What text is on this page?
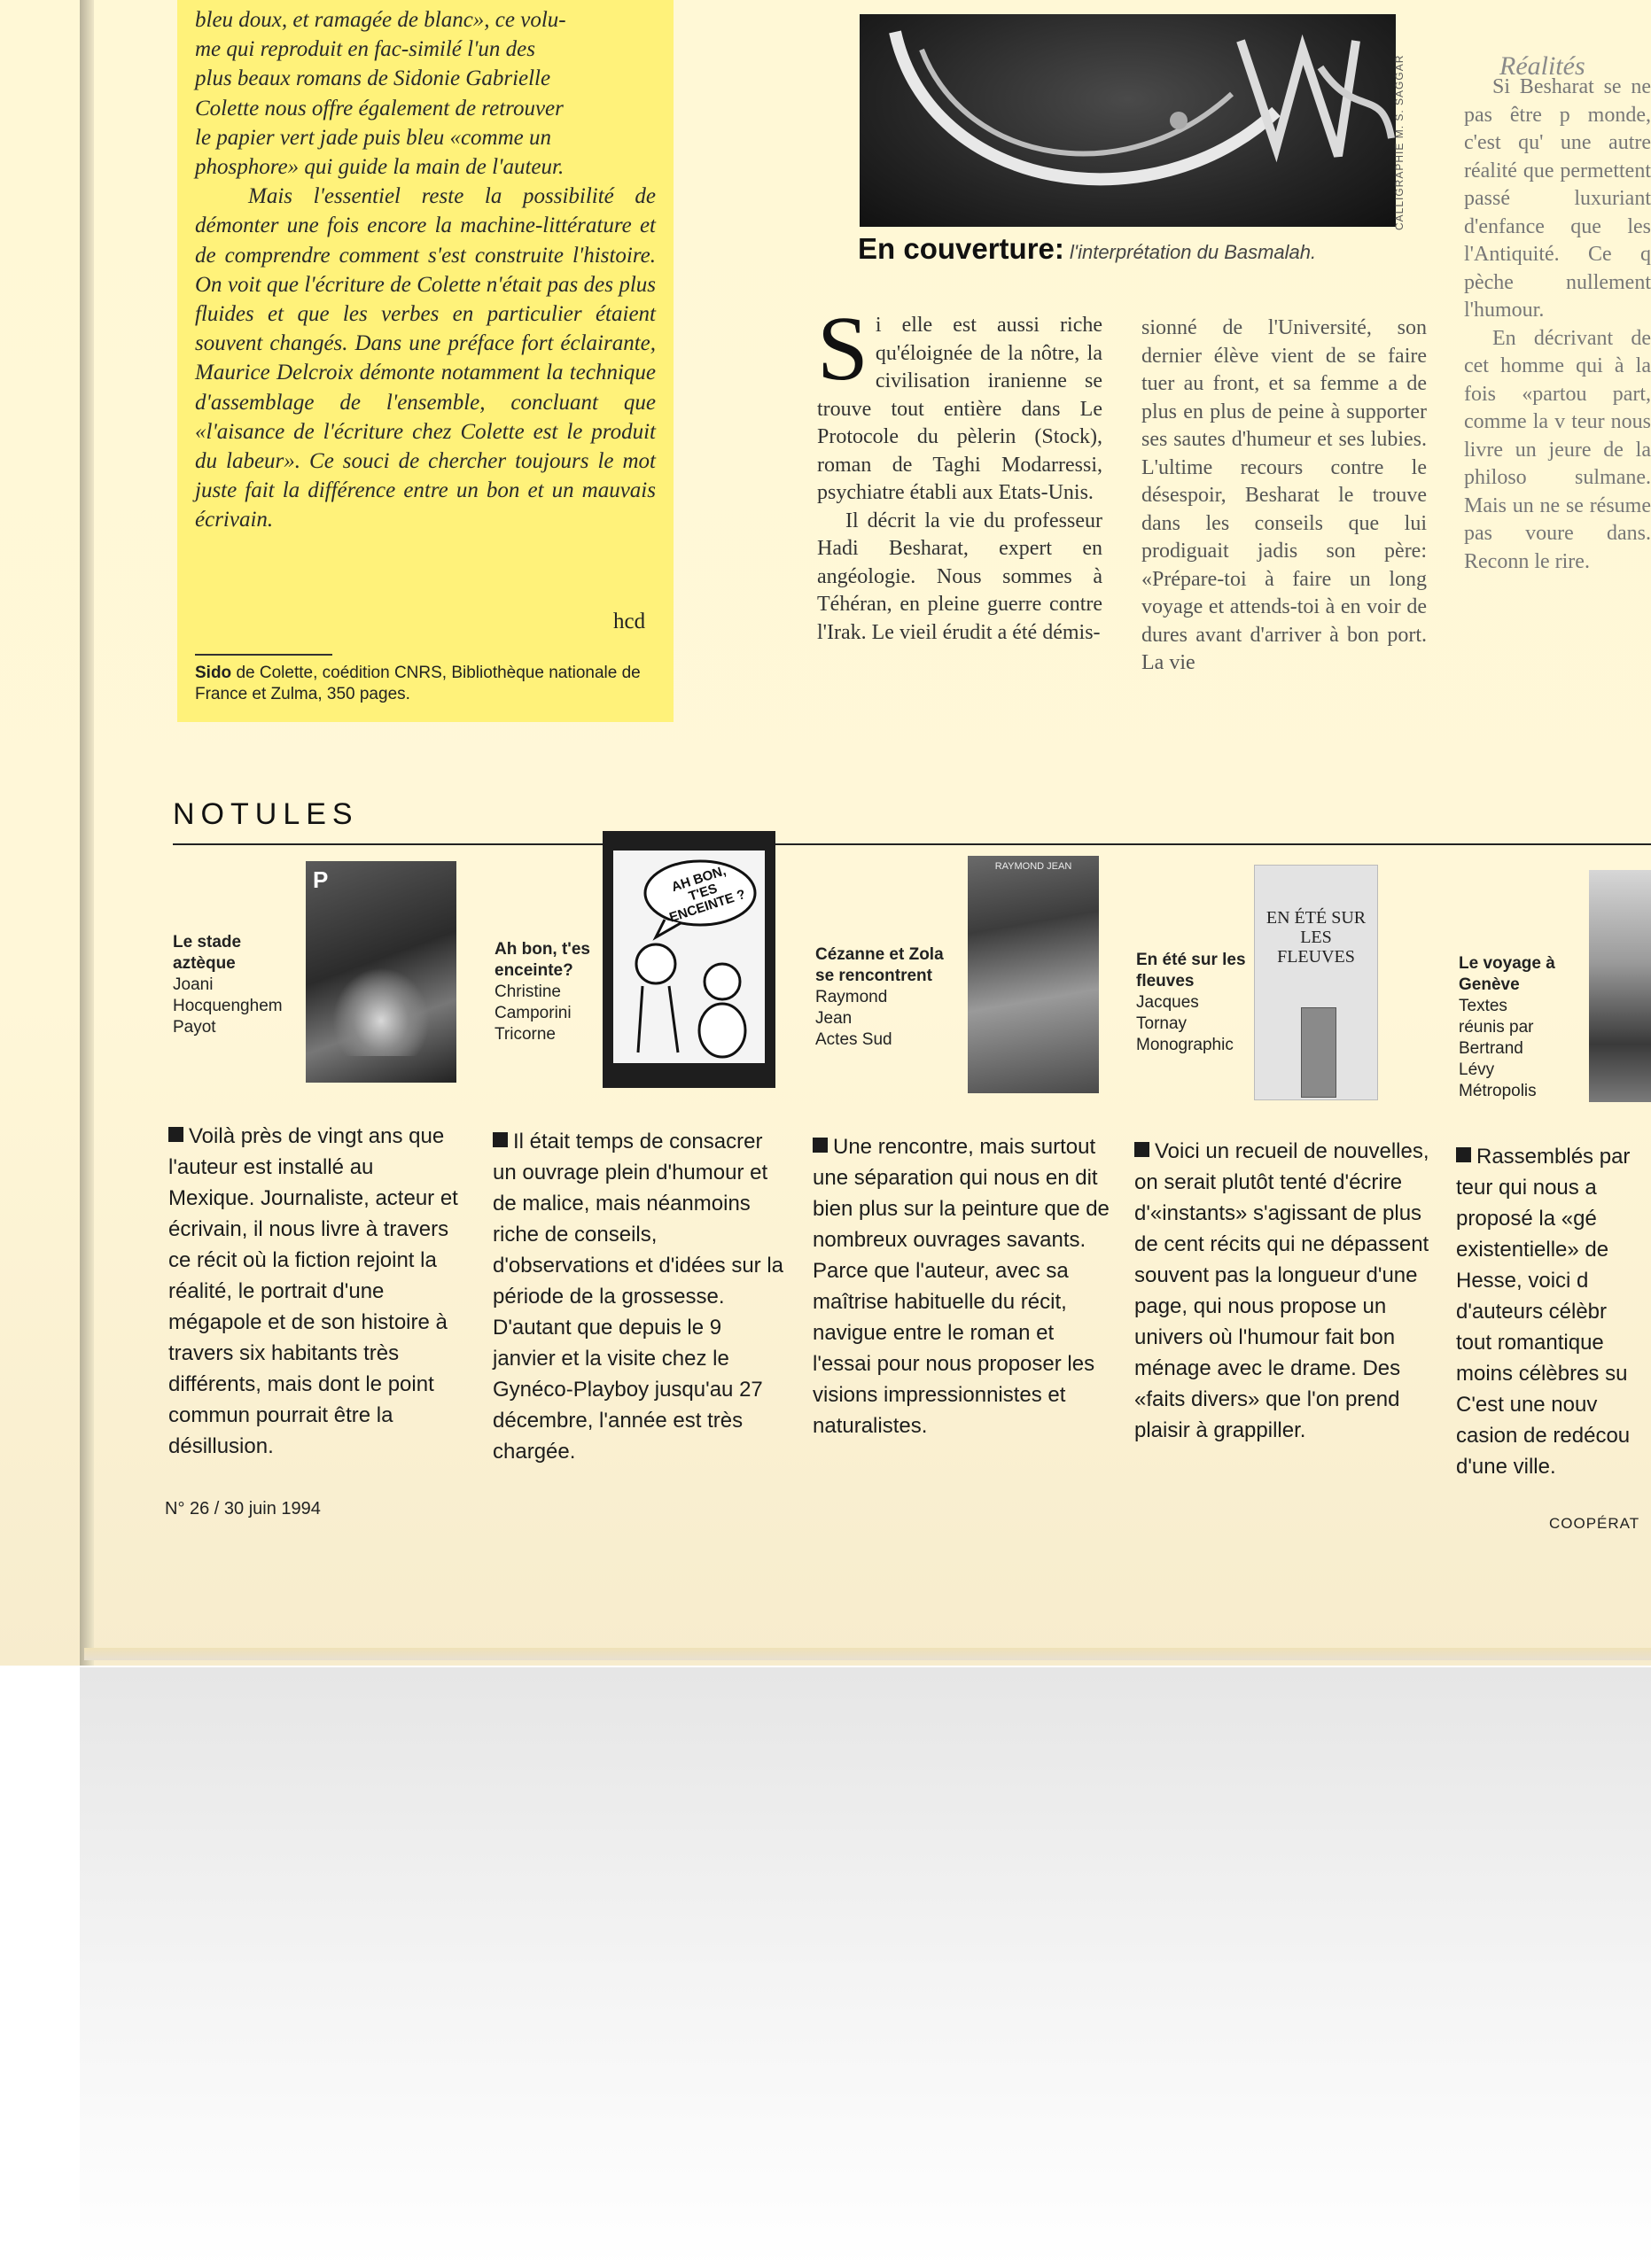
bleu doux, et ramagée de blanc», ce volu-

me qui reproduit en fac-similé l'un des

plus beaux romans de Sidonie Gabrielle

Colette nous offre également de retrouver

le papier vert jade puis bleu «comme un

phosphore» qui guide la main de l'auteur.

Mais l'essentiel reste la possibilité de démonter une fois encore la machine-littérature et de comprendre comment s'est construite l'histoire. On voit que l'écriture de Colette n'était pas des plus fluides et que les verbes en particulier étaient souvent changés. Dans une préface fort éclairante, Maurice Delcroix démonte notamment la technique d'assemblage de l'ensemble, concluant que «l'aisance de l'écriture chez Colette est le produit du labeur». Ce souci de chercher toujours le mot juste fait la différence entre un bon et un mauvais écrivain.

hcd
Sido de Colette, coédition CNRS, Bibliothèque nationale de France et Zulma, 350 pages.
CALLIGRAPHIE M. S. SAGGAR
En couverture: l'interprétation du Basmalah.
S i elle est aussi riche qu'éloignée de la nôtre, la civilisation iranienne se trouve tout entière dans Le Protocole du pèlerin (Stock), roman de Taghi Modarressi, psychiatre établi aux Etats-Unis.

Il décrit la vie du professeur Hadi Besharat, expert en angéologie. Nous sommes à Téhéran, en pleine guerre contre l'Irak. Le vieil érudit a été démis-

sionné de l'Université, son dernier élève vient de se faire tuer au front, et sa femme a de plus en plus de peine à supporter ses sautes d'humeur et ses lubies. L'ultime recours contre le désespoir, Besharat le trouve dans les conseils que lui prodiguait jadis son père: «Prépare-toi à faire un long voyage et attends-toi à en voir de dures avant d'arriver à bon port. La vie

Réalités

Si Besharat se ne pas être p monde, c'est qu' une autre réalité que permettent passé luxuriant d'enfance que les l'Antiquité. Ce q pèche nullement l'humour.

En décrivant de cet homme qui à la fois «partou part, comme la v teur nous livre un jeure de la philoso sulmane. Mais un ne se résume pas voure dans. Reconn le rire.

NOTULES
P	AH BON, T'ES ENCEINTE ?
RAYMOND JEAN
EN ÉTÉ SUR LES FLEUVES
Le stade aztèque
Joani
Hocquenghem
Payot
Ah bon, t'es enceinte?
Christine
Camporini
Tricorne
Cézanne et Zola se rencontrent
Raymond
Jean
Actes Sud
En été sur les fleuves
Jacques
Tornay
Monographic
Le voyage à Genève
Textes
réunis par
Bertrand
Lévy
Métropolis
Voilà près de vingt ans que l'auteur est installé au Mexique. Journaliste, acteur et écrivain, il nous livre à travers ce récit où la fiction rejoint la réalité, le portrait d'une mégapole et de son histoire à travers six habitants très différents, mais dont le point commun pourrait être la désillusion.
Il était temps de consacrer un ouvrage plein d'humour et de malice, mais néanmoins riche de conseils, d'observations et d'idées sur la période de la grossesse. D'autant que depuis le 9 janvier et la visite chez le Gynéco-Playboy jusqu'au 27 décembre, l'année est très chargée.
Une rencontre, mais surtout une séparation qui nous en dit bien plus sur la peinture que de nombreux ouvrages savants. Parce que l'auteur, avec sa maîtrise habituelle du récit, navigue entre le roman et l'essai pour nous proposer les visions impressionnistes et naturalistes.
Voici un recueil de nouvelles, on serait plutôt tenté d'écrire d'«instants» s'agissant de plus de cent récits qui ne dépassent souvent pas la longueur d'une page, qui nous propose un univers où l'humour fait bon ménage avec le drame. Des «faits divers» que l'on prend plaisir à grappiller.
Rassemblés par teur qui nous a proposé la «gé existentielle» de Hesse, voici d d'auteurs célèbr tout romantique moins célèbres su C'est une nouv casion de redécou d'une ville.
N° 26 / 30 juin 1994
COOPÉRAT
